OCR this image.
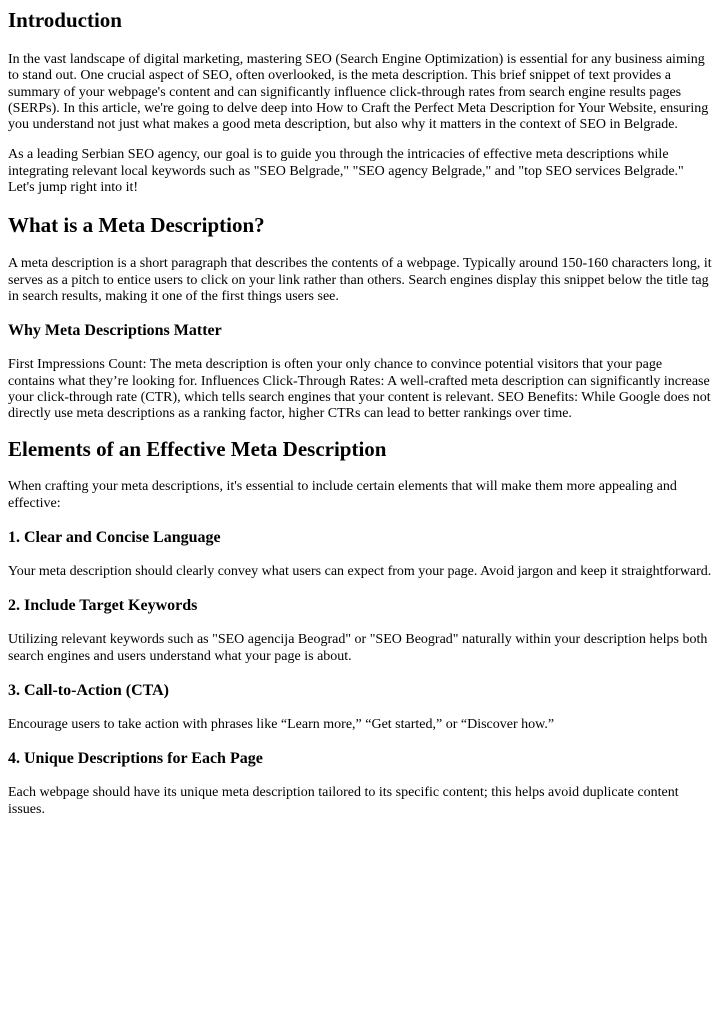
Introduction

In the vast landscape of digital marketing, mastering SEO (Search Engine Optimization) is essential for any business aiming to stand out. One crucial aspect of SEO, often overlooked, is the meta description. This brief snippet of text provides a summary of your webpage's content and can significantly influence click-through rates from search engine results pages (SERPs). In this article, we're going to delve deep into How to Craft the Perfect Meta Description for Your Website, ensuring you understand not just what makes a good meta description, but also why it matters in the context of SEO in Belgrade.

As a leading Serbian SEO agency, our goal is to guide you through the intricacies of effective meta descriptions while integrating relevant local keywords such as "SEO Belgrade," "SEO agency Belgrade," and "top SEO services Belgrade." Let's jump right into it!

What is a Meta Description?

A meta description is a short paragraph that describes the contents of a webpage. Typically around 150-160 characters long, it serves as a pitch to entice users to click on your link rather than others. Search engines display this snippet below the title tag in search results, making it one of the first things users see.

Why Meta Descriptions Matter

First Impressions Count: The meta description is often your only chance to convince potential visitors that your page contains what they’re looking for. Influences Click-Through Rates: A well-crafted meta description can significantly increase your click-through rate (CTR), which tells search engines that your content is relevant. SEO Benefits: While Google does not directly use meta descriptions as a ranking factor, higher CTRs can lead to better rankings over time.

Elements of an Effective Meta Description

When crafting your meta descriptions, it's essential to include certain elements that will make them more appealing and effective:

1. Clear and Concise Language

Your meta description should clearly convey what users can expect from your page. Avoid jargon and keep it straightforward.

2. Include Target Keywords

Utilizing relevant keywords such as "SEO agencija Beograd" or "SEO Beograd" naturally within your description helps both search engines and users understand what your page is about.

3. Call-to-Action (CTA)

Encourage users to take action with phrases like “Learn more,” “Get started,” or “Discover how.”

4. Unique Descriptions for Each Page

Each webpage should have its unique meta description tailored to its specific content; this helps avoid duplicate content issues.
